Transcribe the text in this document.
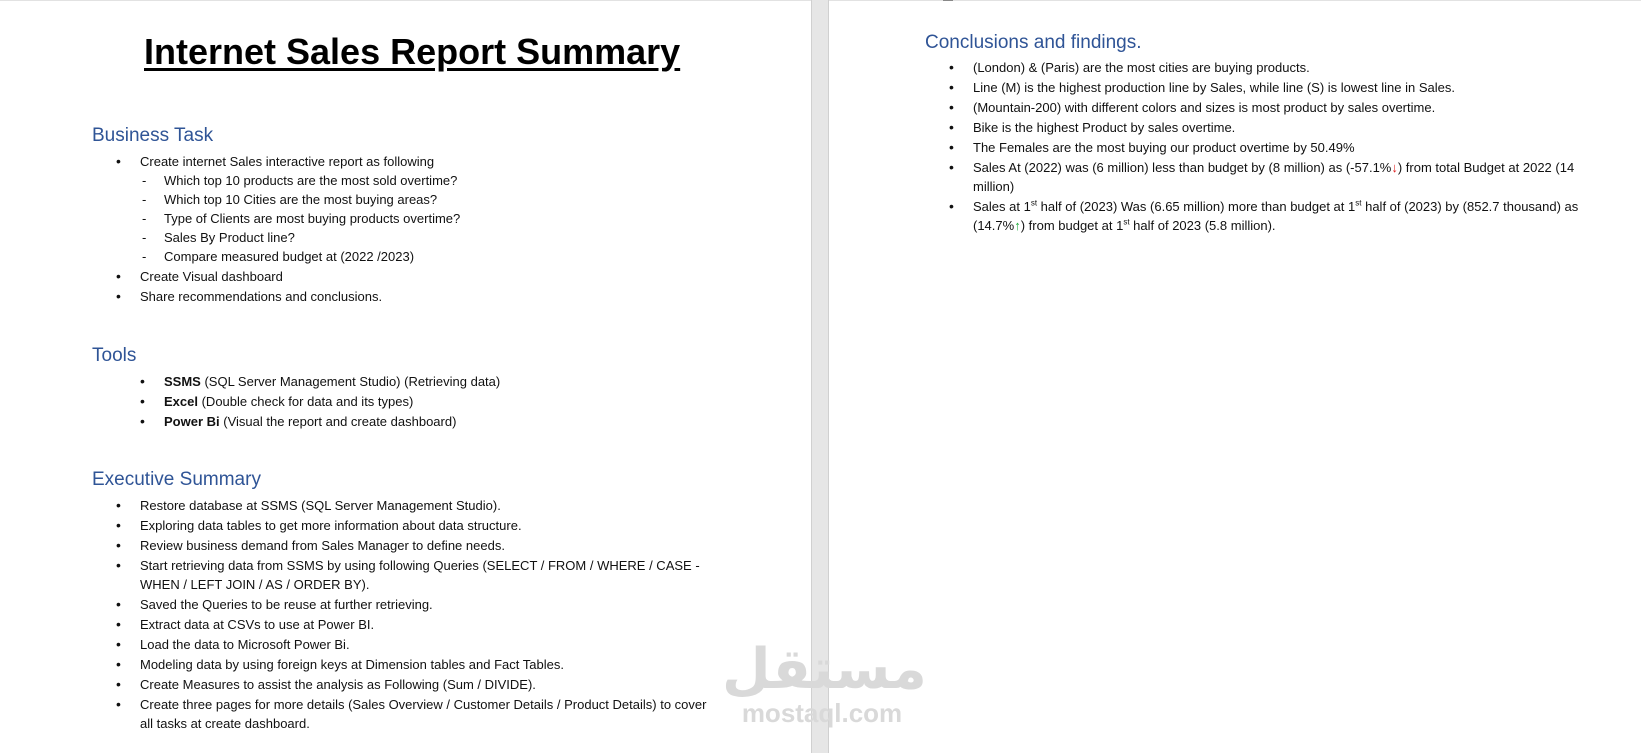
Internet Sales Report Summary
Business Task
• Create internet Sales interactive report as following
- Which top 10 products are the most sold overtime?
- Which top 10 Cities are the most buying areas?
- Type of Clients are most buying products overtime?
- Sales By Product line?
- Compare measured budget at (2022 /2023)
• Create Visual dashboard
• Share recommendations and conclusions.
Tools
• SSMS (SQL Server Management Studio) (Retrieving data)
• Excel (Double check for data and its types)
• Power Bi (Visual the report and create dashboard)
Executive Summary
• Restore database at SSMS (SQL Server Management Studio).
• Exploring data tables to get more information about data structure.
• Review business demand from Sales Manager to define needs.
• Start retrieving data from SSMS by using following Queries (SELECT / FROM / WHERE / CASE - WHEN / LEFT JOIN / AS / ORDER BY).
• Saved the Queries to be reuse at further retrieving.
• Extract data at CSVs to use at Power BI.
• Load the data to Microsoft Power Bi.
• Modeling data by using foreign keys at Dimension tables and Fact Tables.
• Create Measures to assist the analysis as Following (Sum / DIVIDE).
• Create three pages for more details (Sales Overview / Customer Details / Product Details) to cover all tasks at create dashboard.
Conclusions and findings.
• (London) & (Paris) are the most cities are buying products.
• Line (M) is the highest production line by Sales, while line (S) is lowest line in Sales.
• (Mountain-200) with different colors and sizes is most product by sales overtime.
• Bike is the highest Product by sales overtime.
• The Females are the most buying our product overtime by 50.49%
• Sales At (2022) was (6 million) less than budget by (8 million) as (-57.1%↓) from total Budget at 2022 (14 million)
• Sales at 1st half of (2023) Was (6.65 million) more than budget at 1st half of (2023) by (852.7 thousand) as (14.7%↑) from budget at 1st half of 2023 (5.8 million).
مستقل
mostaql.com
